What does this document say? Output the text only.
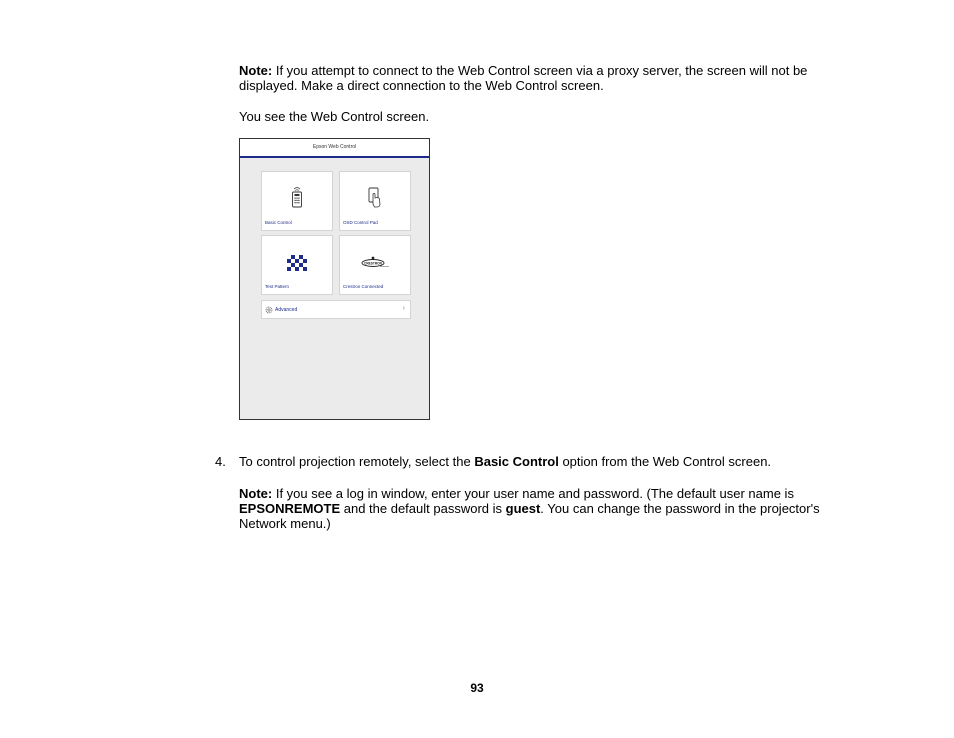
Note: If you attempt to connect to the Web Control screen via a proxy server, the screen will not be displayed. Make a direct connection to the Web Control screen.

You see the Web Control screen.

Epson Web Control
Basic Control	OSD Control Pad
Test Pattern
CRESTRON
Crestron Connected
Advanced	›
4. To control projection remotely, select the Basic Control option from the Web Control screen.

Note: If you see a log in window, enter your user name and password. (The default user name is EPSONREMOTE and the default password is guest. You can change the password in the projector's Network menu.)

93
